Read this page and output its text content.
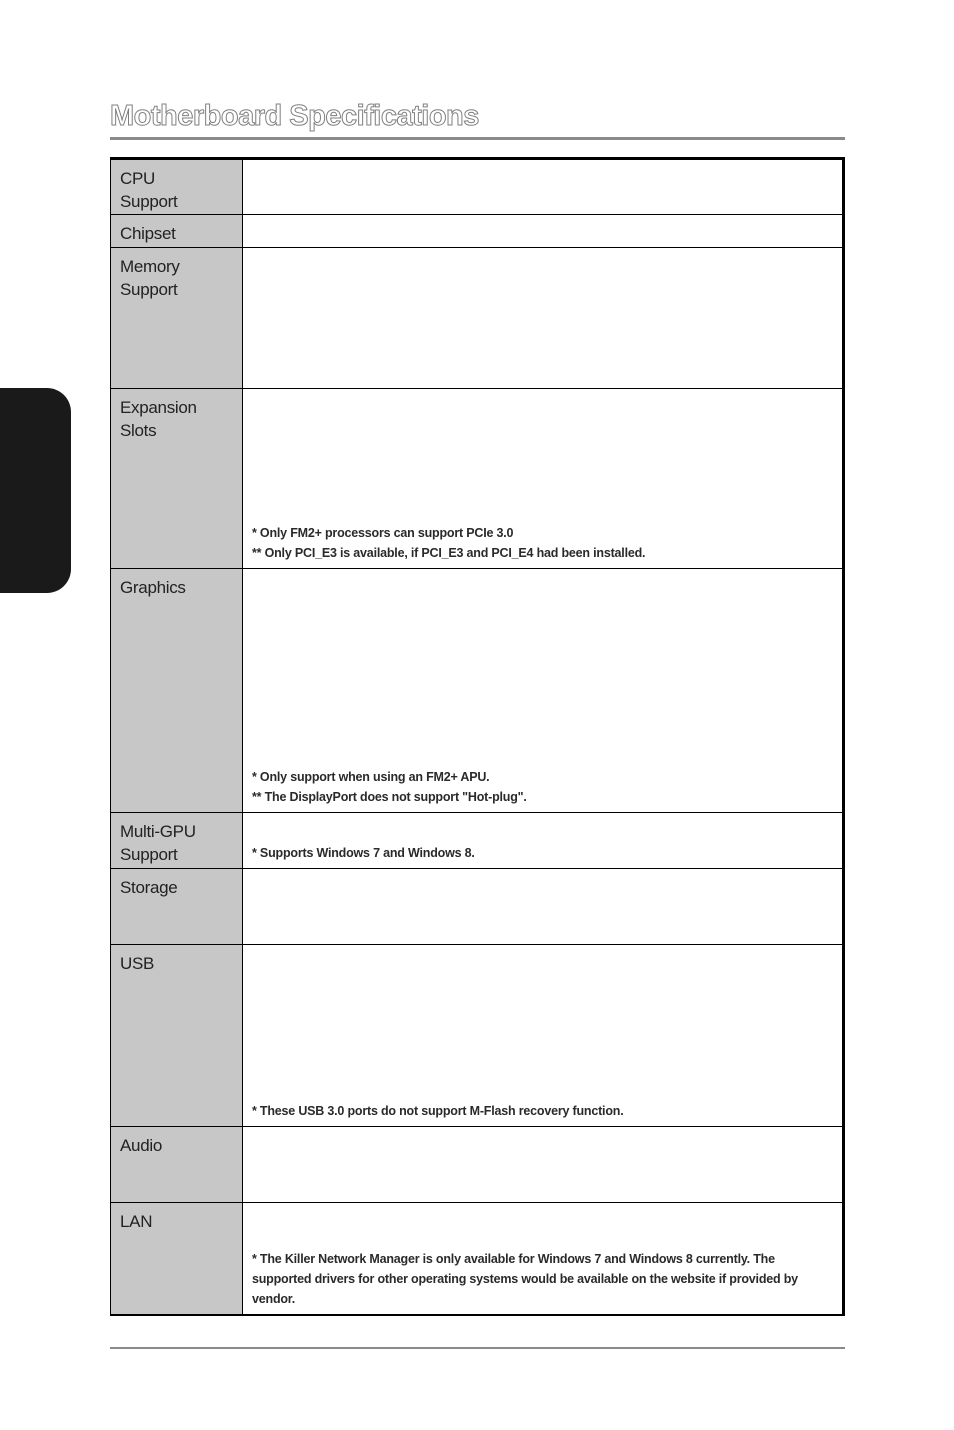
Motherboard Specifications
CPU Support	

Chipset	

Memory Support	

Expansion Slots	* Only FM2+ processors can support PCIe 3.0
** Only PCI_E3 is available, if PCI_E3 and PCI_E4 had been installed.

Graphics	* Only support when using an FM2+ APU.
** The DisplayPort does not support "Hot-plug".

Multi-GPU Support	* Supports Windows 7 and Windows 8.

Storage	

USB	* These USB 3.0 ports do not support M-Flash recovery function.

Audio	

LAN	* The Killer Network Manager is only available for Windows 7 and Windows 8 currently. The supported drivers for other operating systems would be available on the website if provided by vendor.
